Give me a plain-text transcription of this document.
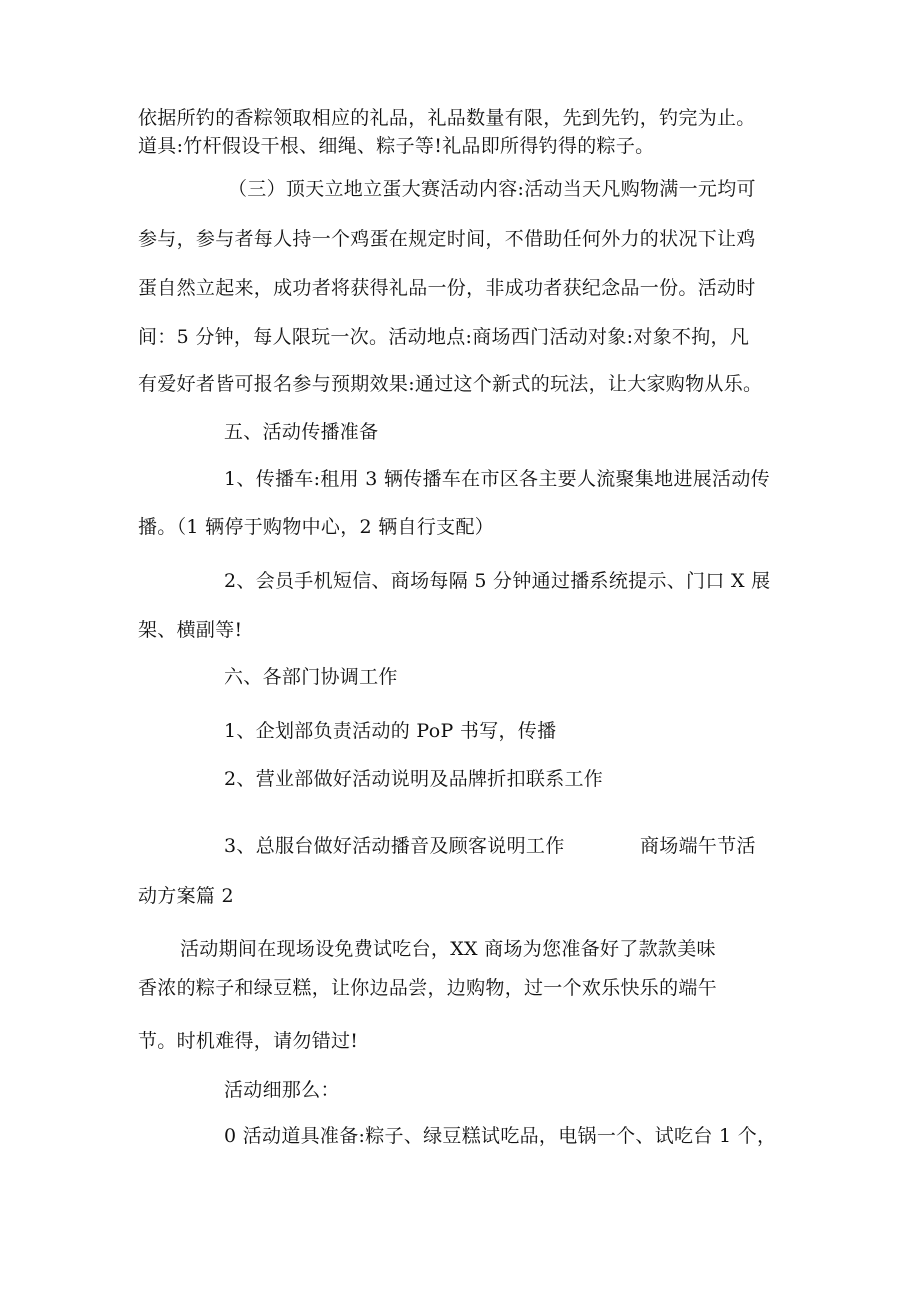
依据所钓的香粽领取相应的礼品，礼品数量有限，先到先钓，钓完为止。
道具:竹杆假设干根、细绳、粽子等!礼品即所得钓得的粽子。
（三）顶天立地立蛋大赛活动内容:活动当天凡购物满一元均可
参与，参与者每人持一个鸡蛋在规定时间，不借助任何外力的状况下让鸡
蛋自然立起来，成功者将获得礼品一份，非成功者获纪念品一份。活动时
间：5 分钟，每人限玩一次。活动地点:商场西门活动对象:对象不拘，凡
有爱好者皆可报名参与预期效果:通过这个新式的玩法，让大家购物从乐。
五、活动传播准备
1、传播车:租用 3 辆传播车在市区各主要人流聚集地进展活动传
播。（1 辆停于购物中心，2 辆自行支配）
2、会员手机短信、商场每隔 5 分钟通过播系统提示、门口 X 展
架、横副等!
六、各部门协调工作
1、企划部负责活动的 PoP 书写，传播
2、营业部做好活动说明及品牌折扣联系工作
3、总服台做好活动播音及顾客说明工作	商场端午节活
动方案篇 2
活动期间在现场设免费试吃台，XX 商场为您准备好了款款美味
香浓的粽子和绿豆糕，让你边品尝，边购物，过一个欢乐快乐的端午
节。时机难得，请勿错过!
活动细那么：
0 活动道具准备:粽子、绿豆糕试吃品，电锅一个、试吃台 1 个，
